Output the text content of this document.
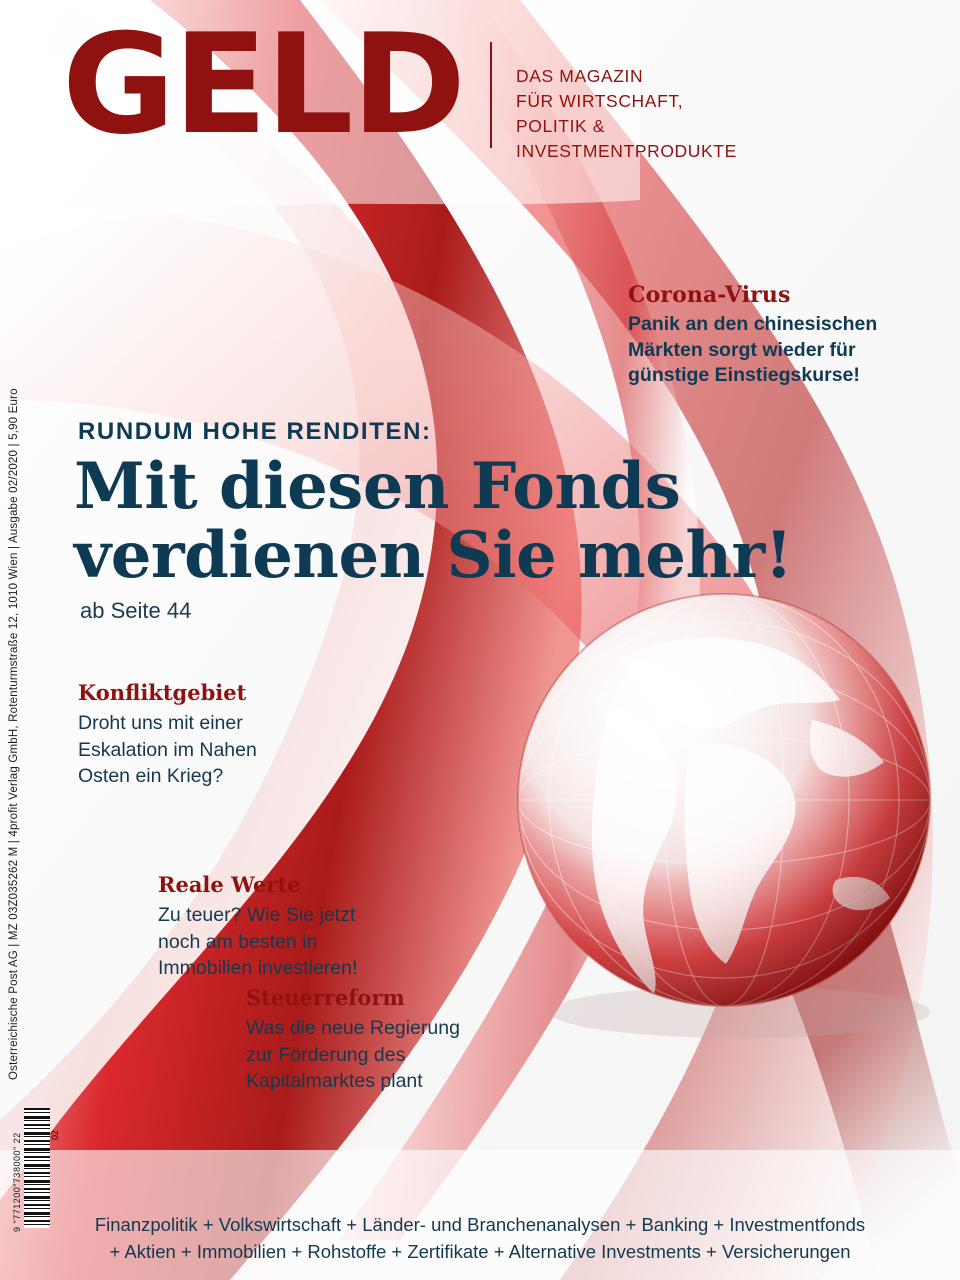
GELD	DAS MAGAZIN
FÜR WIRTSCHAFT,
POLITIK &
INVESTMENTPRODUKTE
9 "771200"738000" 22	02
Corona-Virus
Panik an den chinesischen
Märkten sorgt wieder für
günstige Einstiegskurse!
RUNDUM HOHE RENDITEN:
Mit diesen Fonds
verdienen Sie mehr!
ab Seite 44
Konfliktgebiet
Droht uns mit einer
Eskalation im Nahen
Osten ein Krieg?
Reale Werte
Zu teuer? Wie Sie jetzt
noch am besten in
Immobilien investieren!
Steuerreform
Was die neue Regierung
zur Förderung des
Kapitalmarktes plant
Finanzpolitik + Volkswirtschaft + Länder- und Branchenanalysen + Banking + Investmentfonds
+ Aktien + Immobilien + Rohstoffe + Zertifikate + Alternative Investments + Versicherungen
